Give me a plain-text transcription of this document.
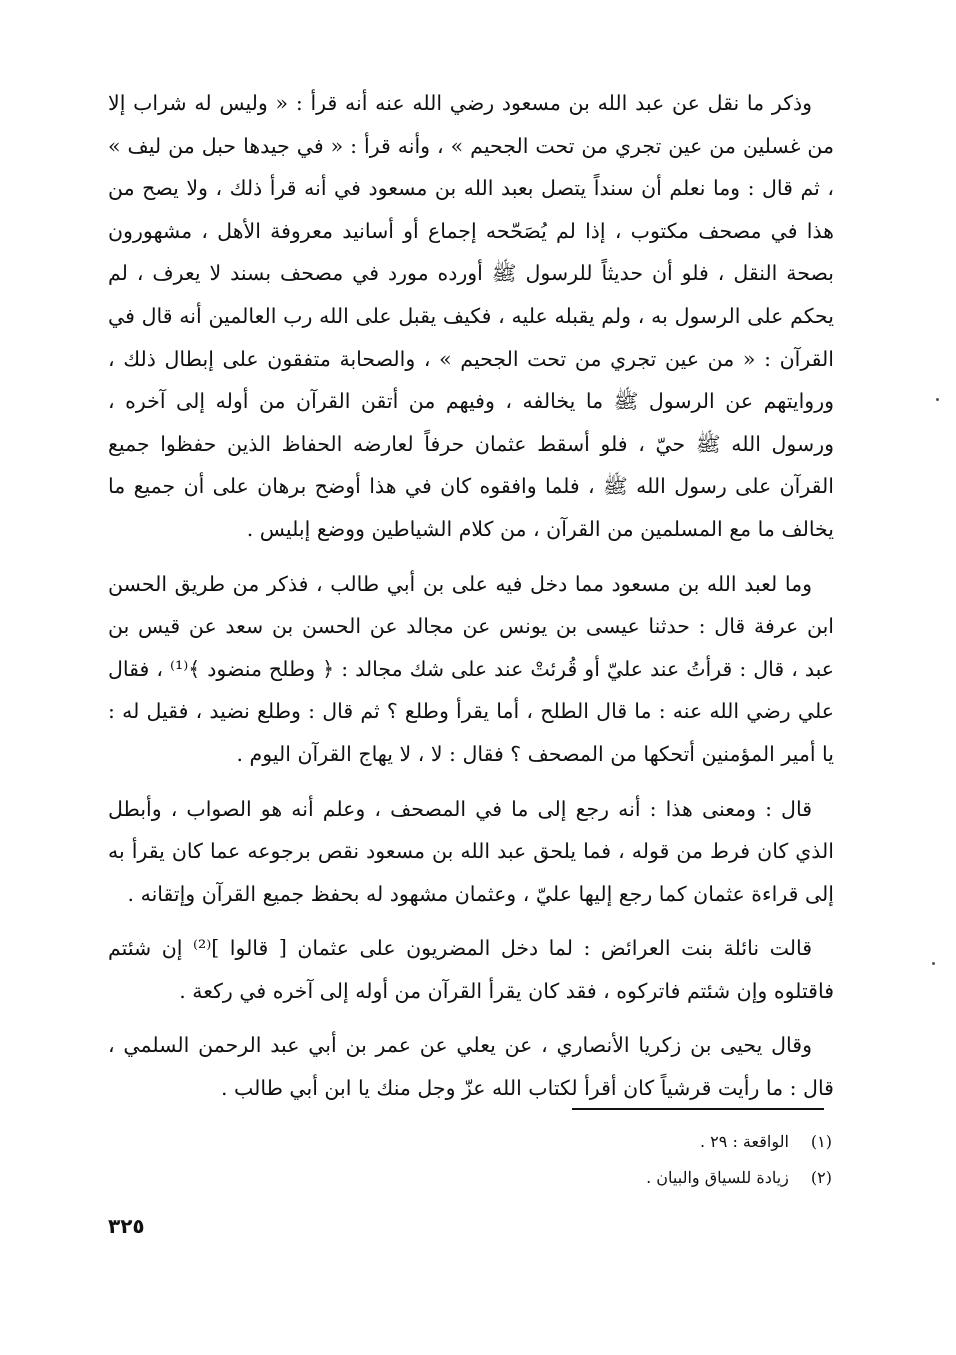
وذكر ما نقل عن عبد الله بن مسعود رضي الله عنه أنه قرأ : « وليس له شراب إلا من غسلين من عين تجري من تحت الجحيم » ، وأنه قرأ : « في جيدها حبل من ليف » ، ثم قال : وما نعلم أن سنداً يتصل بعبد الله بن مسعود في أنه قرأ ذلك ، ولا يصح من هذا في مصحف مكتوب ، إذا لم يُصَحّحه إجماع أو أسانيد معروفة الأهل ، مشهورون بصحة النقل ، فلو أن حديثاً للرسول ﷺ أورده مورد في مصحف بسند لا يعرف ، لم يحكم على الرسول به ، ولم يقبله عليه ، فكيف يقبل على الله رب العالمين أنه قال في القرآن : « من عين تجري من تحت الجحيم » ، والصحابة متفقون على إبطال ذلك ، وروايتهم عن الرسول ﷺ ما يخالفه ، وفيهم من أتقن القرآن من أوله إلى آخره ، ورسول الله ﷺ حيّ ، فلو أسقط عثمان حرفاً لعارضه الحفاظ الذين حفظوا جميع القرآن على رسول الله ﷺ ، فلما وافقوه كان في هذا أوضح برهان على أن جميع ما يخالف ما مع المسلمين من القرآن ، من كلام الشياطين ووضع إبليس .

وما لعبد الله بن مسعود مما دخل فيه على بن أبي طالب ، فذكر من طريق الحسن ابن عرفة قال : حدثنا عيسى بن يونس عن مجالد عن الحسن بن سعد عن قيس بن عبد ، قال : قرأتُ عند عليّ أو قُرئتْ عند على شك مجالد : ﴿ وطلح منضود ﴾⁽¹⁾ ، فقال علي رضي الله عنه : ما قال الطلح ، أما يقرأ وطلع ؟ ثم قال : وطلع نضيد ، فقيل له : يا أمير المؤمنين أتحكها من المصحف ؟ فقال : لا ، لا يهاج القرآن اليوم .

قال : ومعنى هذا : أنه رجع إلى ما في المصحف ، وعلم أنه هو الصواب ، وأبطل الذي كان فرط من قوله ، فما يلحق عبد الله بن مسعود نقص برجوعه عما كان يقرأ به إلى قراءة عثمان كما رجع إليها عليّ ، وعثمان مشهود له بحفظ جميع القرآن وإتقانه .

قالت نائلة بنت العرائض : لما دخل المضريون على عثمان [ قالوا ]⁽²⁾ إن شئتم فاقتلوه وإن شئتم فاتركوه ، فقد كان يقرأ القرآن من أوله إلى آخره في ركعة .

وقال يحيى بن زكريا الأنصاري ، عن يعلي عن عمر بن أبي عبد الرحمن السلمي ، قال : ما رأيت قرشياً كان أقرأ لكتاب الله عزّ وجل منك يا ابن أبي طالب .

(١)
الواقعة : ٢٩ .
(٢)
زيادة للسياق والبيان .
٣٢٥
